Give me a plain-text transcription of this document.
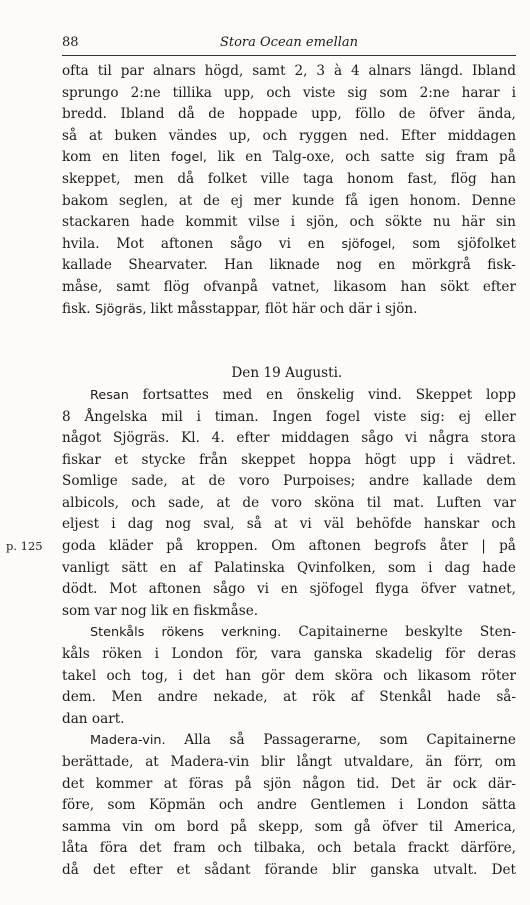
88	Stora Ocean emellan
p. 125
ofta til par alnars högd, samt 2, 3 à 4 alnars längd. Ibland
sprungo 2:ne tillika upp, och viste sig som 2:ne harar i
bredd. Ibland då de hoppade upp, föllo de öfver ända,
så at buken vändes up, och ryggen ned. Efter middagen
kom en liten fogel, lik en Talg-oxe, och satte sig fram på
skeppet, men då folket ville taga honom fast, flög han
bakom seglen, at de ej mer kunde få igen honom. Denne
stackaren hade kommit vilse i sjön, och sökte nu här sin
hvila. Mot aftonen sågo vi en sjöfogel, som sjöfolket
kallade Shearvater. Han liknade nog en mörkgrå fisk-
måse, samt flög ofvanpå vatnet, likasom han sökt efter
fisk. Sjögräs, likt måsstappar, flöt här och där i sjön.
Den 19 Augusti.
Resan fortsattes med en önskelig vind. Skeppet lopp
8 Ångelska mil i timan. Ingen fogel viste sig: ej eller
något Sjögräs. Kl. 4. efter middagen sågo vi några stora
fiskar et stycke från skeppet hoppa högt upp i vädret.
Somlige sade, at de voro Purpoises; andre kallade dem
albicols, och sade, at de voro sköna til mat. Luften var
eljest i dag nog sval, så at vi väl behöfde hanskar och
goda kläder på kroppen. Om aftonen begrofs åter | på
vanligt sätt en af Palatinska Qvinfolken, som i dag hade
dödt. Mot aftonen sågo vi en sjöfogel flyga öfver vatnet,
som var nog lik en fiskmåse.
Stenkåls rökens verkning. Capitainerne beskylte Sten-
kåls röken i London för, vara ganska skadelig för deras
takel och tog, i det han gör dem sköra och likasom röter
dem. Men andre nekade, at rök af Stenkål hade så-
dan oart.
Madera-vin. Alla så Passagerarne, som Capitainerne
berättade, at Madera-vin blir långt utvaldare, än förr, om
det kommer at föras på sjön någon tid. Det är ock där-
före, som Köpmän och andre Gentlemen i London sätta
samma vin om bord på skepp, som gå öfver til America,
låta föra det fram och tilbaka, och betala frackt därföre,
då det efter et sådant förande blir ganska utvalt. Det
